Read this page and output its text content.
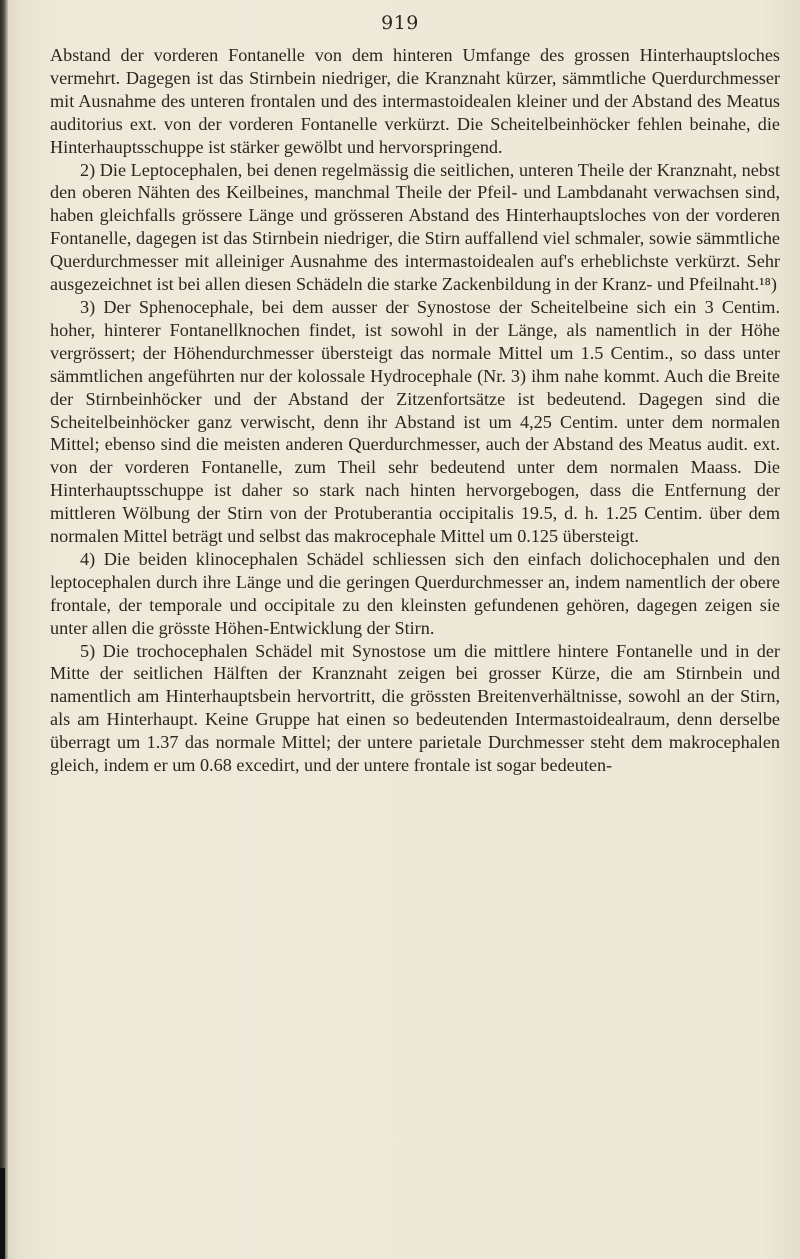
919

Abstand der vorderen Fontanelle von dem hinteren Umfange des grossen Hinterhauptsloches vermehrt. Dagegen ist das Stirnbein niedriger, die Kranznaht kürzer, sämmtliche Querdurchmesser mit Ausnahme des unteren frontalen und des intermastoidealen kleiner und der Abstand des Meatus auditorius ext. von der vorderen Fontanelle verkürzt. Die Scheitelbeinhöcker fehlen beinahe, die Hinterhauptsschuppe ist stärker gewölbt und hervorspringend.

2) Die Leptocephalen, bei denen regelmässig die seitlichen, unteren Theile der Kranznaht, nebst den oberen Nähten des Keilbeines, manchmal Theile der Pfeil- und Lambdanaht verwachsen sind, haben gleichfalls grössere Länge und grösseren Abstand des Hinterhauptsloches von der vorderen Fontanelle, dagegen ist das Stirnbein niedriger, die Stirn auffallend viel schmaler, sowie sämmtliche Querdurchmesser mit alleiniger Ausnahme des intermastoidealen auf's erheblichste verkürzt. Sehr ausgezeichnet ist bei allen diesen Schädeln die starke Zackenbildung in der Kranz- und Pfeilnaht.¹⁸)

3) Der Sphenocephale, bei dem ausser der Synostose der Scheitelbeine sich ein 3 Centim. hoher, hinterer Fontanellknochen findet, ist sowohl in der Länge, als namentlich in der Höhe vergrössert; der Höhendurchmesser übersteigt das normale Mittel um 1.5 Centim., so dass unter sämmtlichen angeführten nur der kolossale Hydrocephale (Nr. 3) ihm nahe kommt. Auch die Breite der Stirnbeinhöcker und der Abstand der Zitzenfortsätze ist bedeutend. Dagegen sind die Scheitelbeinhöcker ganz verwischt, denn ihr Abstand ist um 4,25 Centim. unter dem normalen Mittel; ebenso sind die meisten anderen Querdurchmesser, auch der Abstand des Meatus audit. ext. von der vorderen Fontanelle, zum Theil sehr bedeutend unter dem normalen Maass. Die Hinterhauptsschuppe ist daher so stark nach hinten hervorgebogen, dass die Entfernung der mittleren Wölbung der Stirn von der Protuberantia occipitalis 19.5, d. h. 1.25 Centim. über dem normalen Mittel beträgt und selbst das makrocephale Mittel um 0.125 übersteigt.

4) Die beiden klinocephalen Schädel schliessen sich den einfach dolichocephalen und den leptocephalen durch ihre Länge und die geringen Querdurchmesser an, indem namentlich der obere frontale, der temporale und occipitale zu den kleinsten gefundenen gehören, dagegen zeigen sie unter allen die grösste Höhen-Entwicklung der Stirn.

5) Die trochocephalen Schädel mit Synostose um die mittlere hintere Fontanelle und in der Mitte der seitlichen Hälften der Kranznaht zeigen bei grosser Kürze, die am Stirnbein und namentlich am Hinterhauptsbein hervortritt, die grössten Breitenverhältnisse, sowohl an der Stirn, als am Hinterhaupt. Keine Gruppe hat einen so bedeutenden Intermastoidealraum, denn derselbe überragt um 1.37 das normale Mittel; der untere parietale Durchmesser steht dem makrocephalen gleich, indem er um 0.68 excedirt, und der untere frontale ist sogar bedeuten-
